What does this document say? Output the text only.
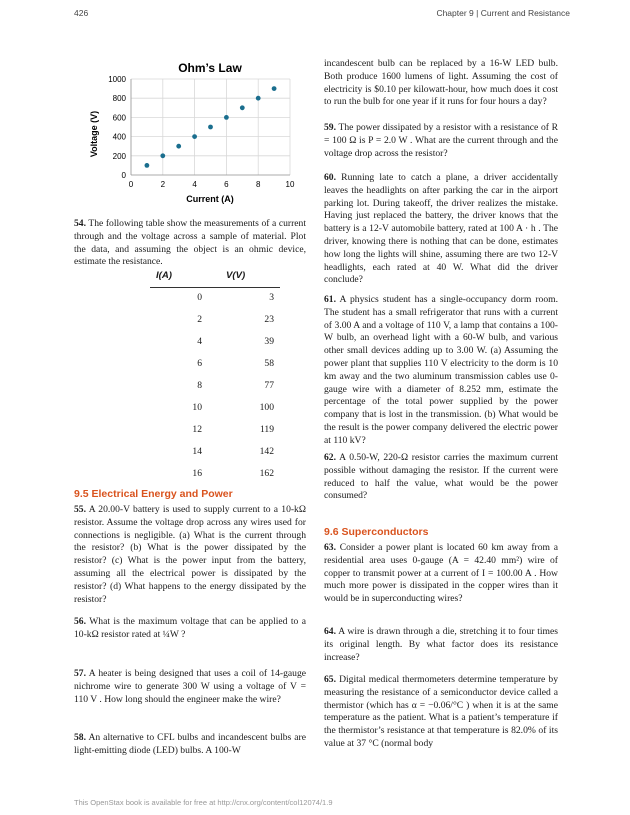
426	Chapter 9 | Current and Resistance
Ohm’s Law
0
200
400
600
800
1000
0	2	4	6	8	10
Current (A)
Voltage (V)
54. The following table show the measurements of a current through and the voltage across a sample of material. Plot the data, and assuming the object is an ohmic device, estimate the resistance.
I(A)	V(V)
0	3
2	23
4	39
6	58
8	77
10	100
12	119
14	142
16	162
9.5 Electrical Energy and Power
55. A 20.00-V battery is used to supply current to a 10-kΩ resistor. Assume the voltage drop across any wires used for connections is negligible. (a) What is the current through the resistor? (b) What is the power dissipated by the resistor? (c) What is the power input from the battery, assuming all the electrical power is dissipated by the resistor? (d) What happens to the energy dissipated by the resistor?
56. What is the maximum voltage that can be applied to a 10-kΩ resistor rated at ¼W ?
57. A heater is being designed that uses a coil of 14-gauge nichrome wire to generate 300 W using a voltage of V = 110 V . How long should the engineer make the wire?
58. An alternative to CFL bulbs and incandescent bulbs are light-emitting diode (LED) bulbs. A 100-W
incandescent bulb can be replaced by a 16-W LED bulb. Both produce 1600 lumens of light. Assuming the cost of electricity is $0.10 per kilowatt-hour, how much does it cost to run the bulb for one year if it runs for four hours a day?
59. The power dissipated by a resistor with a resistance of R = 100 Ω is P = 2.0 W . What are the current through and the voltage drop across the resistor?
60. Running late to catch a plane, a driver accidentally leaves the headlights on after parking the car in the airport parking lot. During takeoff, the driver realizes the mistake. Having just replaced the battery, the driver knows that the battery is a 12-V automobile battery, rated at 100 A · h . The driver, knowing there is nothing that can be done, estimates how long the lights will shine, assuming there are two 12-V headlights, each rated at 40 W. What did the driver conclude?
61. A physics student has a single-occupancy dorm room. The student has a small refrigerator that runs with a current of 3.00 A and a voltage of 110 V, a lamp that contains a 100-W bulb, an overhead light with a 60-W bulb, and various other small devices adding up to 3.00 W. (a) Assuming the power plant that supplies 110 V electricity to the dorm is 10 km away and the two aluminum transmission cables use 0-gauge wire with a diameter of 8.252 mm, estimate the percentage of the total power supplied by the power company that is lost in the transmission. (b) What would be the result is the power company delivered the electric power at 110 kV?
62. A 0.50-W, 220-Ω resistor carries the maximum current possible without damaging the resistor. If the current were reduced to half the value, what would be the power consumed?
9.6 Superconductors
63. Consider a power plant is located 60 km away from a residential area uses 0-gauge (A = 42.40 mm²) wire of copper to transmit power at a current of I = 100.00 A . How much more power is dissipated in the copper wires than it would be in superconducting wires?
64. A wire is drawn through a die, stretching it to four times its original length. By what factor does its resistance increase?
65. Digital medical thermometers determine temperature by measuring the resistance of a semiconductor device called a thermistor (which has α = −0.06/°C ) when it is at the same temperature as the patient. What is a patient’s temperature if the thermistor’s resistance at that temperature is 82.0% of its value at 37 °C (normal body
This OpenStax book is available for free at http://cnx.org/content/col12074/1.9
